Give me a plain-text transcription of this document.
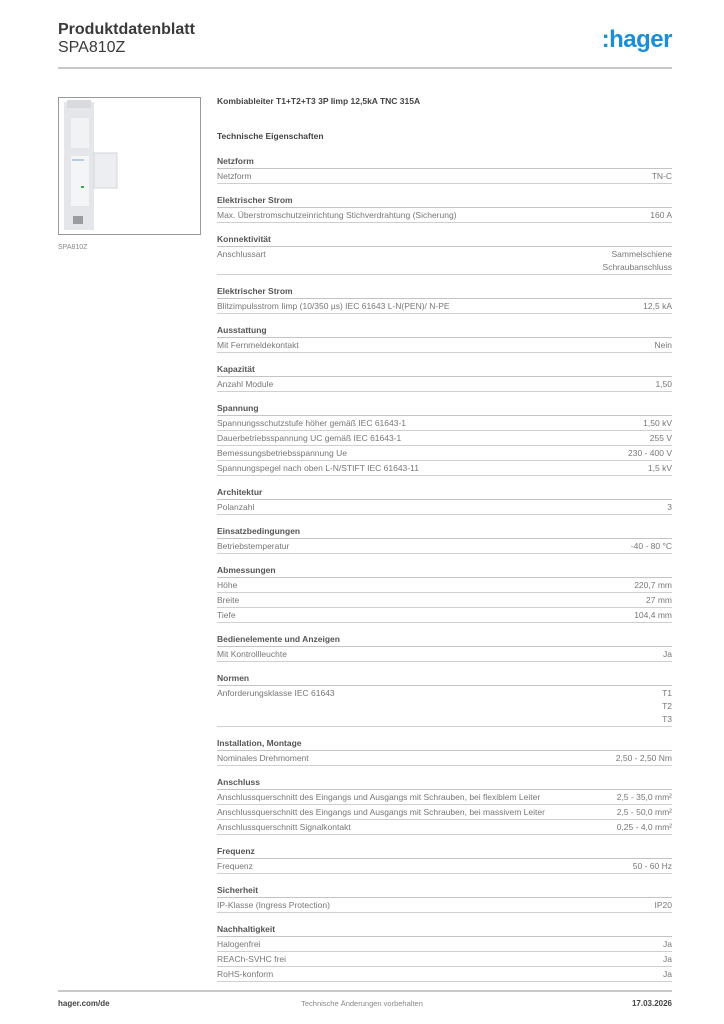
Produktdatenblatt
SPA810Z	:hager
SPA810Z
Kombiableiter T1+T2+T3 3P Iimp 12,5kA TNC 315A
Technische Eigenschaften
Netzform
Netzform	TN-C
Elektrischer Strom
Max. Überstromschutzeinrichtung Stichverdrahtung (Sicherung)	160 A
Konnektivität
Anschlussart	Sammelschiene
Schraubanschluss
Elektrischer Strom
Blitzimpulsstrom Iimp (10/350 µs) IEC 61643 L-N(PEN)/ N-PE	12,5 kA
Ausstattung
Mit Fernmeldekontakt	Nein
Kapazität
Anzahl Module	1,50
Spannung
Spannungsschutzstufe höher gemäß IEC 61643-1	1,50 kV
Dauerbetriebsspannung UC gemäß IEC 61643-1	255 V
Bemessungsbetriebsspannung Ue	230 - 400 V
Spannungspegel nach oben L-N/STIFT IEC 61643-11	1,5 kV
Architektur
Polanzahl	3
Einsatzbedingungen
Betriebstemperatur	-40 - 80 °C
Abmessungen
Höhe	220,7 mm
Breite	27 mm
Tiefe	104,4 mm
Bedienelemente und Anzeigen
Mit Kontrollleuchte	Ja
Normen
Anforderungsklasse IEC 61643	T1
T2
T3
Installation, Montage
Nominales Drehmoment	2,50 - 2,50 Nm
Anschluss
Anschlussquerschnitt des Eingangs und Ausgangs mit Schrauben, bei flexiblem Leiter	2,5 - 35,0 mm²
Anschlussquerschnitt des Eingangs und Ausgangs mit Schrauben, bei massivem Leiter	2,5 - 50,0 mm²
Anschlussquerschnitt Signalkontakt	0,25 - 4,0 mm²
Frequenz
Frequenz	50 - 60 Hz
Sicherheit
IP-Klasse (Ingress Protection)	IP20
Nachhaltigkeit
Halogenfrei	Ja
REACh-SVHC frei	Ja
RoHS-konform	Ja
hager.com/de	Technische Änderungen vorbehalten	17.03.2026
